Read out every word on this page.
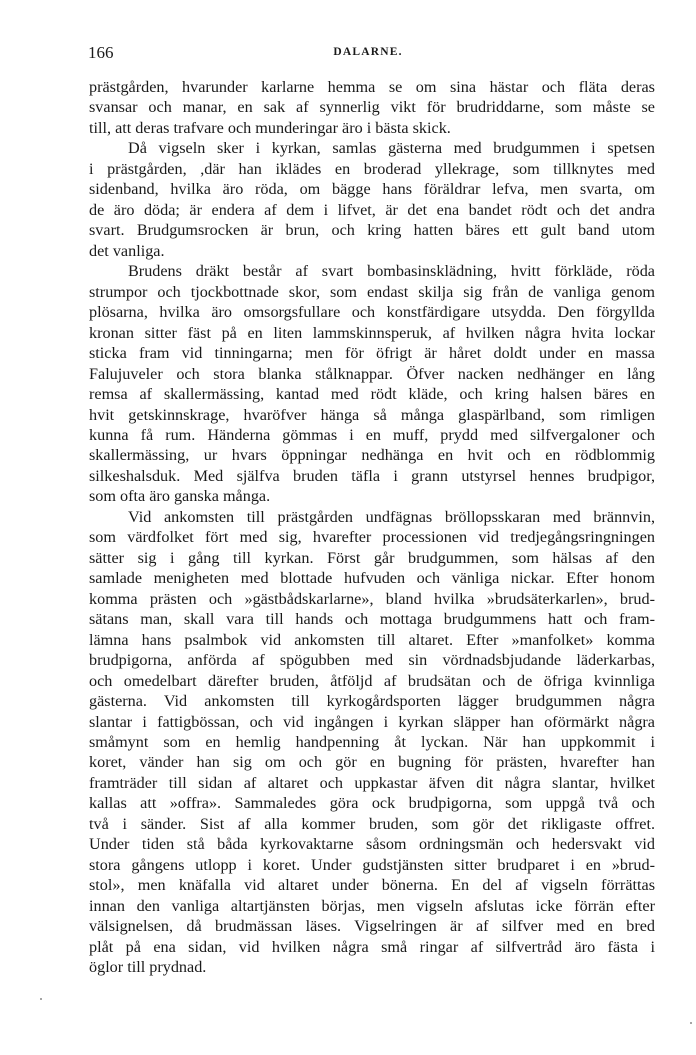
166	DALARNE.
prästgården, hvarunder karlarne hemma se om sina hästar och fläta deras
svansar och manar, en sak af synnerlig vikt för brudriddarne, som måste se
till, att deras trafvare och munderingar äro i bästa skick.
Då vigseln sker i kyrkan, samlas gästerna med brudgummen i spetsen
i prästgården, ,där han iklädes en broderad yllekrage, som tillknytes med
sidenband, hvilka äro röda, om bägge hans föräldrar lefva, men svarta, om
de äro döda; är endera af dem i lifvet, är det ena bandet rödt och det andra
svart. Brudgumsrocken är brun, och kring hatten bäres ett gult band utom
det vanliga.
Brudens dräkt består af svart bombasinsklädning, hvitt förkläde, röda
strumpor och tjockbottnade skor, som endast skilja sig från de vanliga genom
plösarna, hvilka äro omsorgsfullare och konstfärdigare utsydda. Den förgyllda
kronan sitter fäst på en liten lammskinnsperuk, af hvilken några hvita lockar
sticka fram vid tinningarna; men för öfrigt är håret doldt under en massa
Falujuveler och stora blanka stålknappar. Öfver nacken nedhänger en lång
remsa af skallermässing, kantad med rödt kläde, och kring halsen bäres en
hvit getskinnskrage, hvaröfver hänga så många glaspärlband, som rimligen
kunna få rum. Händerna gömmas i en muff, prydd med silfvergaloner och
skallermässing, ur hvars öppningar nedhänga en hvit och en rödblommig
silkeshalsduk. Med själfva bruden täfla i grann utstyrsel hennes brudpigor,
som ofta äro ganska många.
Vid ankomsten till prästgården undfägnas bröllopsskaran med brännvin,
som värdfolket fört med sig, hvarefter processionen vid tredjegångsringningen
sätter sig i gång till kyrkan. Först går brudgummen, som hälsas af den
samlade menigheten med blottade hufvuden och vänliga nickar. Efter honom
komma prästen och »gästbådskarlarne», bland hvilka »brudsäterkarlen», brud-
sätans man, skall vara till hands och mottaga brudgummens hatt och fram-
lämna hans psalmbok vid ankomsten till altaret. Efter »manfolket» komma
brudpigorna, anförda af spögubben med sin vördnadsbjudande läderkarbas,
och omedelbart därefter bruden, åtföljd af brudsätan och de öfriga kvinnliga
gästerna. Vid ankomsten till kyrkogårdsporten lägger brudgummen några
slantar i fattigbössan, och vid ingången i kyrkan släpper han oförmärkt några
småmynt som en hemlig handpenning åt lyckan. När han uppkommit i
koret, vänder han sig om och gör en bugning för prästen, hvarefter han
framträder till sidan af altaret och uppkastar äfven dit några slantar, hvilket
kallas att »offra». Sammaledes göra ock brudpigorna, som uppgå två och
två i sänder. Sist af alla kommer bruden, som gör det rikligaste offret.
Under tiden stå båda kyrkovaktarne såsom ordningsmän och hedersvakt vid
stora gångens utlopp i koret. Under gudstjänsten sitter brudparet i en »brud-
stol», men knäfalla vid altaret under bönerna. En del af vigseln förrättas
innan den vanliga altartjänsten börjas, men vigseln afslutas icke förrän efter
välsignelsen, då brudmässan läses. Vigselringen är af silfver med en bred
plåt på ena sidan, vid hvilken några små ringar af silfvertråd äro fästa i
öglor till prydnad.
